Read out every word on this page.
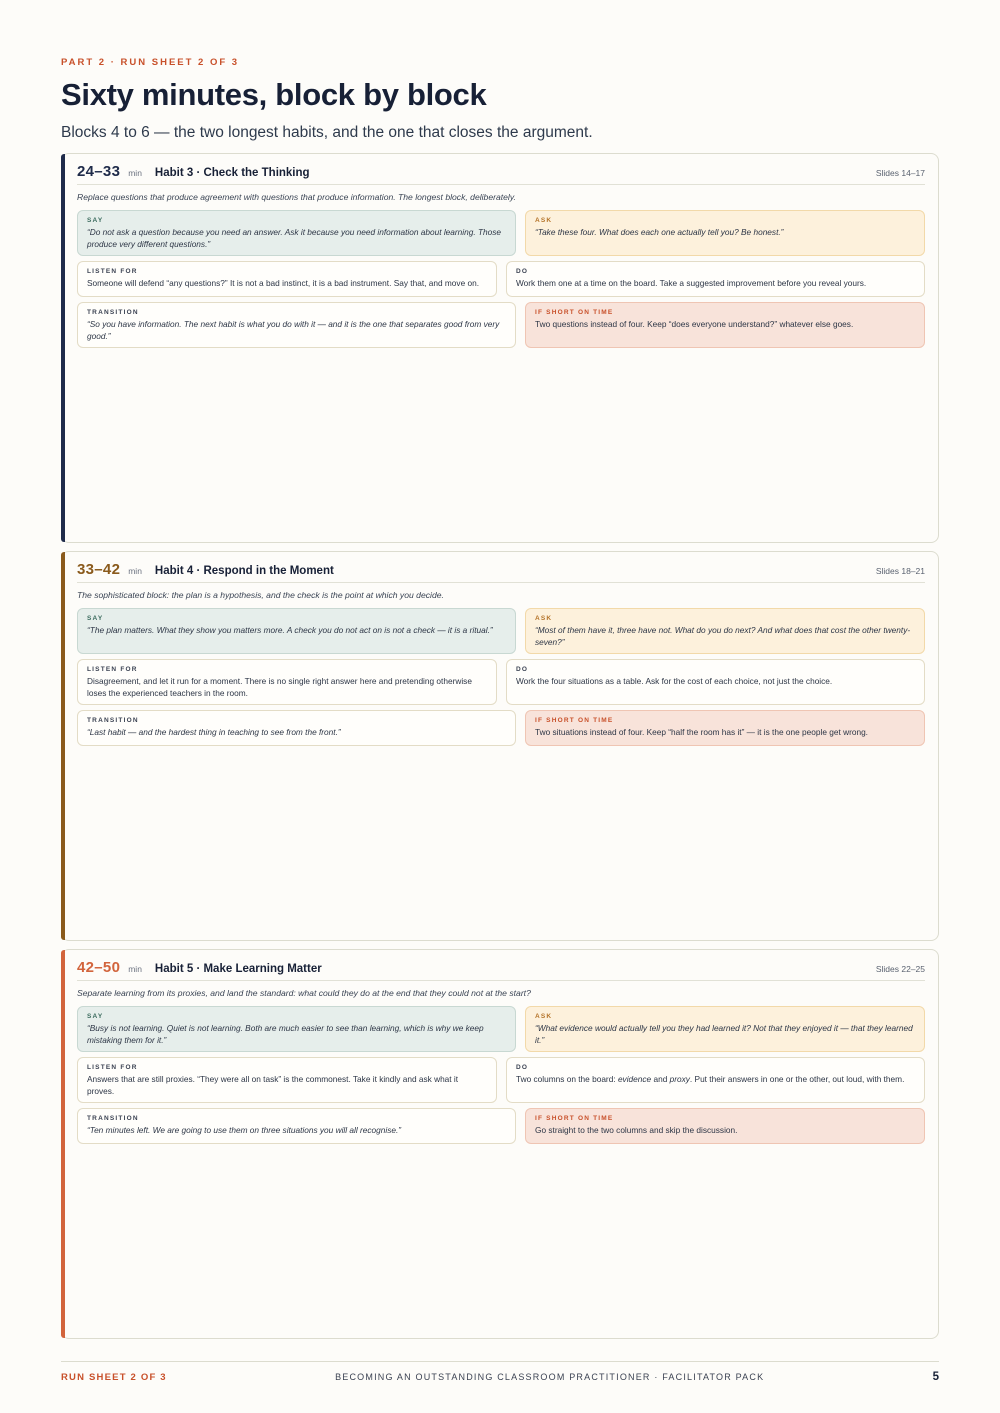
PART 2 · RUN SHEET 2 OF 3
Sixty minutes, block by block
Blocks 4 to 6 — the two longest habits, and the one that closes the argument.
24–33 min Habit 3 · Check the Thinking	Slides 14–17
Replace questions that produce agreement with questions that produce information. The longest block, deliberately.
SAY
“Do not ask a question because you need an answer. Ask it because you need information about learning. Those produce very different questions.”
ASK
“Take these four. What does each one actually tell you? Be honest.”
LISTEN FOR
Someone will defend “any questions?” It is not a bad instinct, it is a bad instrument. Say that, and move on.
DO
Work them one at a time on the board. Take a suggested improvement before you reveal yours.
TRANSITION
“So you have information. The next habit is what you do with it — and it is the one that separates good from very good.”
IF SHORT ON TIME
Two questions instead of four. Keep “does everyone understand?” whatever else goes.
33–42 min Habit 4 · Respond in the Moment	Slides 18–21
The sophisticated block: the plan is a hypothesis, and the check is the point at which you decide.
SAY
“The plan matters. What they show you matters more. A check you do not act on is not a check — it is a ritual.”
ASK
“Most of them have it, three have not. What do you do next? And what does that cost the other twenty-seven?”
LISTEN FOR
Disagreement, and let it run for a moment. There is no single right answer here and pretending otherwise loses the experienced teachers in the room.
DO
Work the four situations as a table. Ask for the cost of each choice, not just the choice.
TRANSITION
“Last habit — and the hardest thing in teaching to see from the front.”
IF SHORT ON TIME
Two situations instead of four. Keep “half the room has it” — it is the one people get wrong.
42–50 min Habit 5 · Make Learning Matter	Slides 22–25
Separate learning from its proxies, and land the standard: what could they do at the end that they could not at the start?
SAY
“Busy is not learning. Quiet is not learning. Both are much easier to see than learning, which is why we keep mistaking them for it.”
ASK
“What evidence would actually tell you they had learned it? Not that they enjoyed it — that they learned it.”
LISTEN FOR
Answers that are still proxies. “They were all on task” is the commonest. Take it kindly and ask what it proves.
DO
Two columns on the board: evidence and proxy. Put their answers in one or the other, out loud, with them.
TRANSITION
“Ten minutes left. We are going to use them on three situations you will all recognise.”
IF SHORT ON TIME
Go straight to the two columns and skip the discussion.
RUN SHEET 2 OF 3	BECOMING AN OUTSTANDING CLASSROOM PRACTITIONER · FACILITATOR PACK	5
